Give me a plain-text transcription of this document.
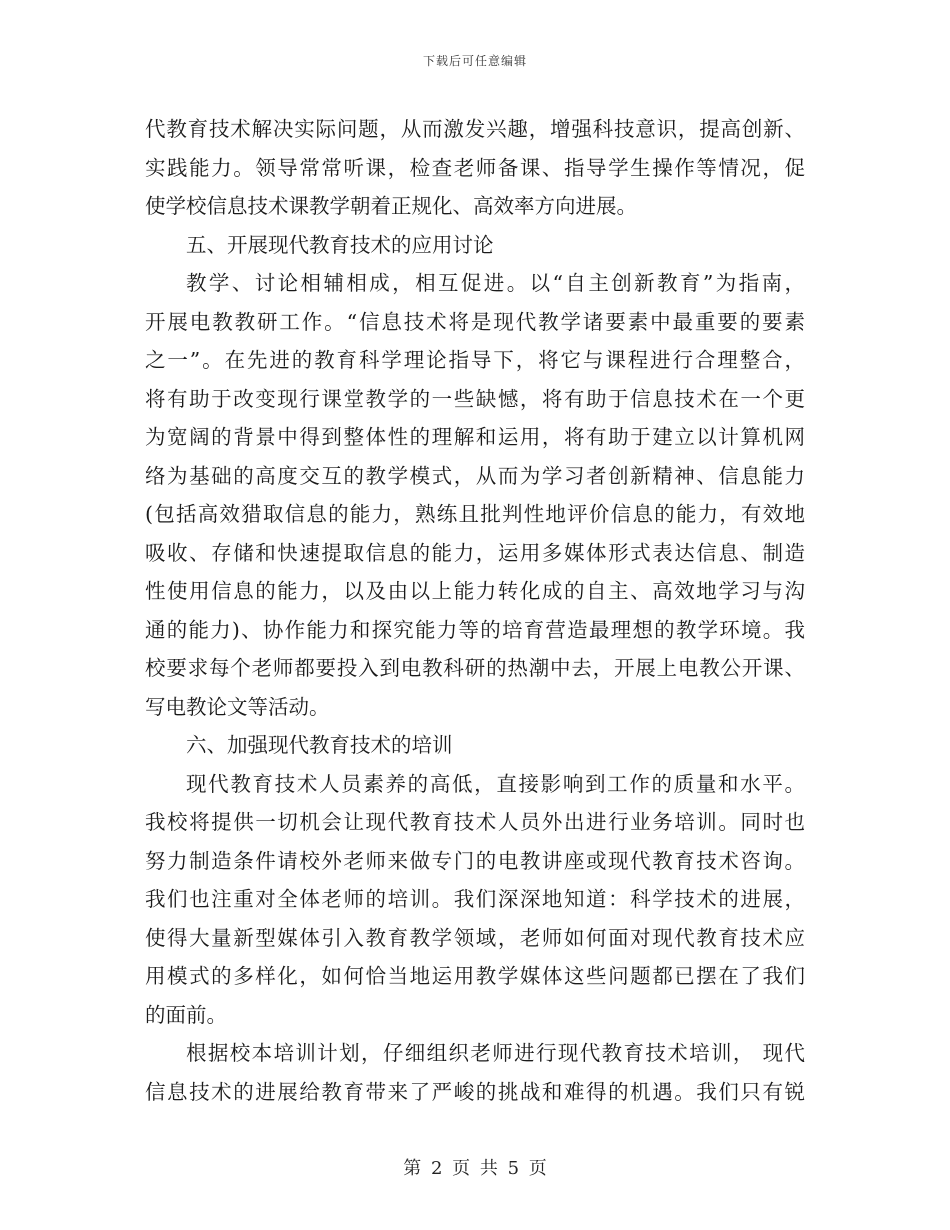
下载后可任意编辑
代教育技术解决实际问题，从而激发兴趣，增强科技意识，提高创新、
实践能力。领导常常听课，检查老师备课、指导学生操作等情况，促
使学校信息技术课教学朝着正规化、高效率方向进展。
五、开展现代教育技术的应用讨论
教学、讨论相辅相成，相互促进。以“自主创新教育”为指南，
开展电教教研工作。“信息技术将是现代教学诸要素中最重要的要素
之一”。在先进的教育科学理论指导下，将它与课程进行合理整合，
将有助于改变现行课堂教学的一些缺憾，将有助于信息技术在一个更
为宽阔的背景中得到整体性的理解和运用，将有助于建立以计算机网
络为基础的高度交互的教学模式，从而为学习者创新精神、信息能力
(包括高效猎取信息的能力，熟练且批判性地评价信息的能力，有效地
吸收、存储和快速提取信息的能力，运用多媒体形式表达信息、制造
性使用信息的能力，以及由以上能力转化成的自主、高效地学习与沟
通的能力)、协作能力和探究能力等的培育营造最理想的教学环境。我
校要求每个老师都要投入到电教科研的热潮中去，开展上电教公开课、
写电教论文等活动。
六、加强现代教育技术的培训
现代教育技术人员素养的高低，直接影响到工作的质量和水平。
我校将提供一切机会让现代教育技术人员外出进行业务培训。同时也
努力制造条件请校外老师来做专门的电教讲座或现代教育技术咨询。
我们也注重对全体老师的培训。我们深深地知道：科学技术的进展，
使得大量新型媒体引入教育教学领域，老师如何面对现代教育技术应
用模式的多样化，如何恰当地运用教学媒体这些问题都已摆在了我们
的面前。
根据校本培训计划，仔细组织老师进行现代教育技术培训， 现代
信息技术的进展给教育带来了严峻的挑战和难得的机遇。我们只有锐
第 2 页 共 5 页
